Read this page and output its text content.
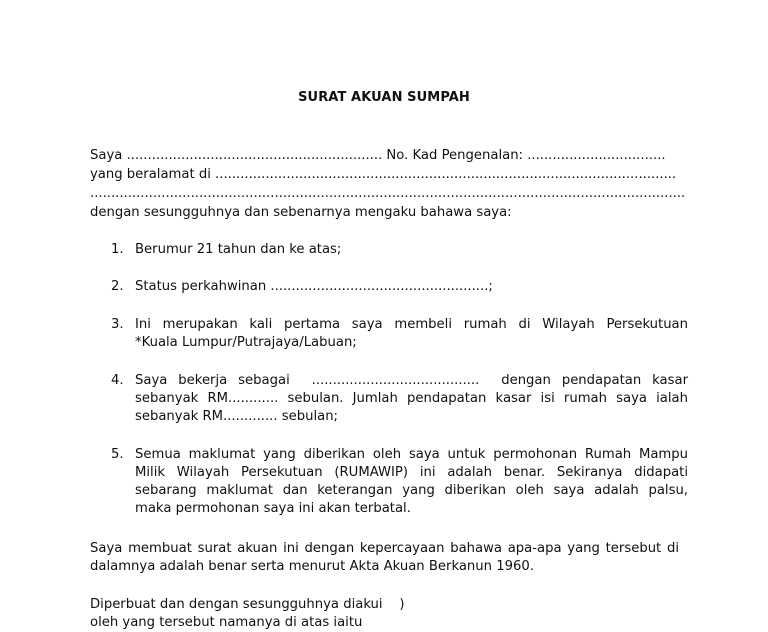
SURAT AKUAN SUMPAH
Saya ............................................................. No. Kad Pengenalan: .................................
yang beralamat di ..............................................................................................................
..............................................................................................................................................
dengan sesungguhnya dan sebenarnya mengaku bahawa saya:
1. Berumur 21 tahun dan ke atas;
2. Status perkahwinan ....................................................;
3. Ini merupakan kali pertama saya membeli rumah di Wilayah Persekutuan
*Kuala Lumpur/Putrajaya/Labuan;
4. Saya bekerja sebagai  ........................................  dengan pendapatan kasar
sebanyak RM............ sebulan. Jumlah pendapatan kasar isi rumah saya ialah
sebanyak RM............. sebulan;
5. Semua maklumat yang diberikan oleh saya untuk permohonan Rumah Mampu
Milik Wilayah Persekutuan (RUMAWIP) ini adalah benar. Sekiranya didapati
sebarang maklumat dan keterangan yang diberikan oleh saya adalah palsu,
maka permohonan saya ini akan terbatal.
Saya membuat surat akuan ini dengan kepercayaan bahawa apa-apa yang tersebut di
dalamnya adalah benar serta menurut Akta Akuan Berkanun 1960.
Diperbuat dan dengan sesungguhnya diakui    )
oleh yang tersebut namanya di atas iaitu
